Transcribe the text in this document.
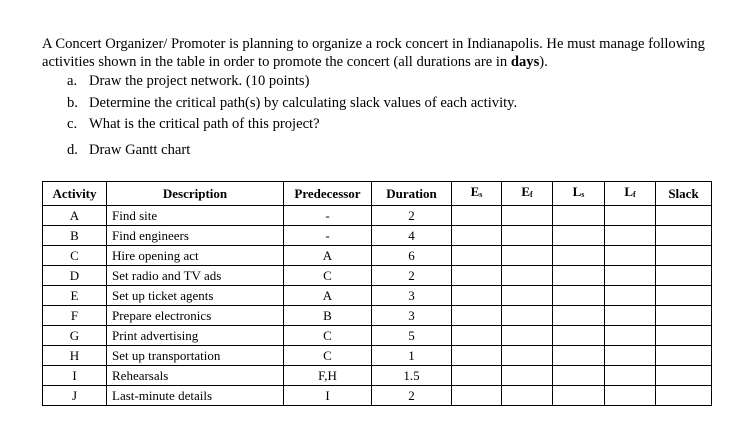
A Concert Organizer/ Promoter is planning to organize a rock concert in Indianapolis. He must manage following activities shown in the table in order to promote the concert (all durations are in days).
a. Draw the project network. (10 points)
b. Determine the critical path(s) by calculating slack values of each activity.
c. What is the critical path of this project?
d. Draw Gantt chart
Activity	Description	Predecessor	Duration	Es	Ef	Ls	Lf	Slack
A	Find site	-	2					
B	Find engineers	-	4					
C	Hire opening act	A	6					
D	Set radio and TV ads	C	2					
E	Set up ticket agents	A	3					
F	Prepare electronics	B	3					
G	Print advertising	C	5					
H	Set up transportation	C	1					
I	Rehearsals	F,H	1.5					
J	Last-minute details	I	2					
